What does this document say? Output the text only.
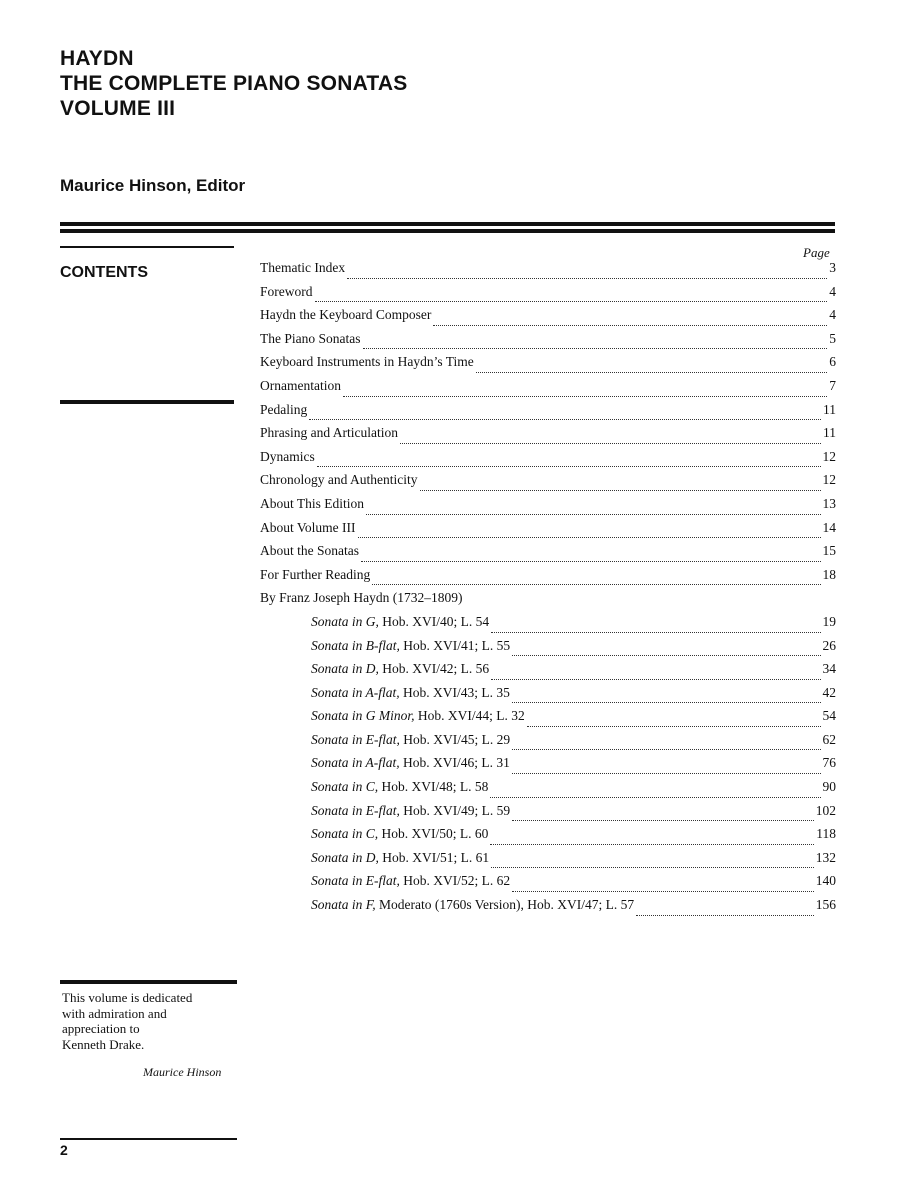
HAYDN
THE COMPLETE PIANO SONATAS
VOLUME III
Maurice Hinson, Editor
CONTENTS
Page
Thematic Index	3
Foreword	4
Haydn the Keyboard Composer	4
The Piano Sonatas	5
Keyboard Instruments in Haydn’s Time	6
Ornamentation	7
Pedaling	11
Phrasing and Articulation	11
Dynamics	12
Chronology and Authenticity	12
About This Edition	13
About Volume III	14
About the Sonatas	15
For Further Reading	18
By Franz Joseph Haydn (1732–1809)
Sonata in G, Hob. XVI/40; L. 54	19
Sonata in B-flat, Hob. XVI/41; L. 55	26
Sonata in D, Hob. XVI/42; L. 56	34
Sonata in A-flat, Hob. XVI/43; L. 35	42
Sonata in G Minor, Hob. XVI/44; L. 32	54
Sonata in E-flat, Hob. XVI/45; L. 29	62
Sonata in A-flat, Hob. XVI/46; L. 31	76
Sonata in C, Hob. XVI/48; L. 58	90
Sonata in E-flat, Hob. XVI/49; L. 59	102
Sonata in C, Hob. XVI/50; L. 60	118
Sonata in D, Hob. XVI/51; L. 61	132
Sonata in E-flat, Hob. XVI/52; L. 62	140
Sonata in F, Moderato (1760s Version), Hob. XVI/47; L. 57	156
This volume is dedicated
with admiration and
appreciation to
Kenneth Drake.
Maurice Hinson
2
